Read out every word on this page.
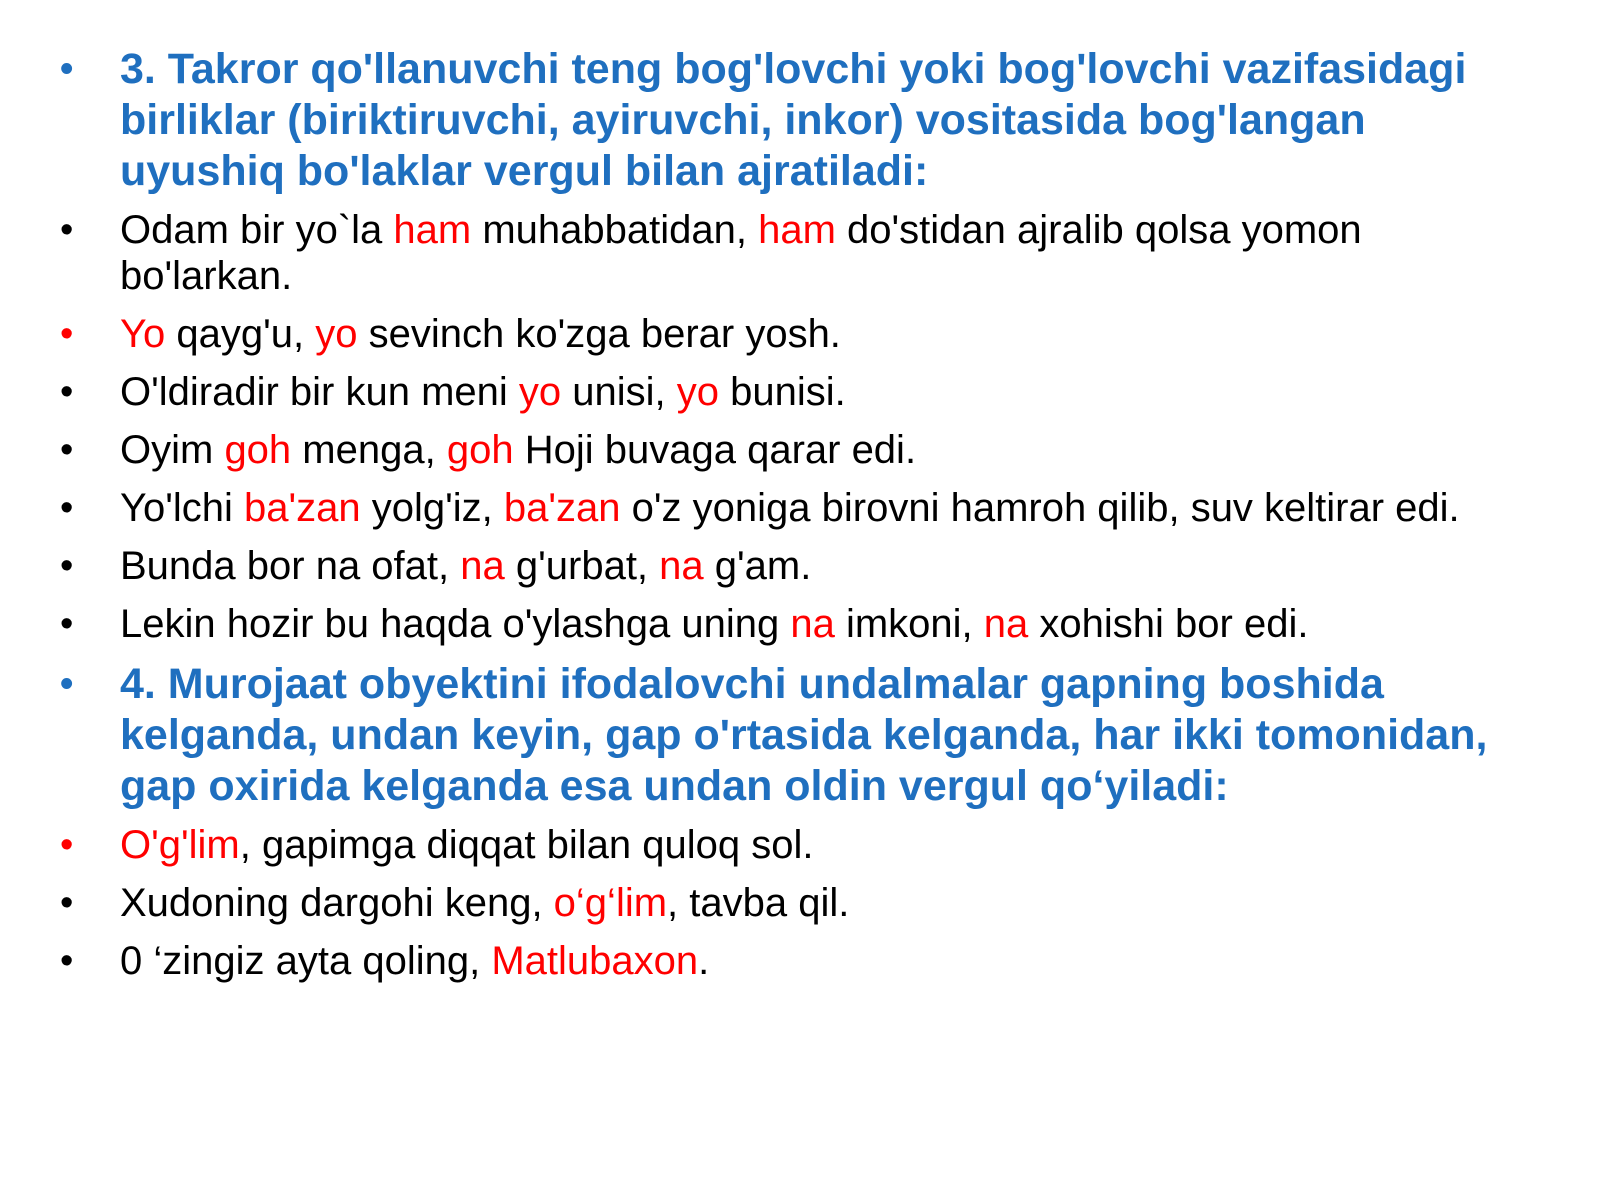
• 3. Takror qo'llanuvchi teng bog'lovchi yoki bog'lovchi vazifasidagi birliklar (biriktiruvchi, ayiruvchi, inkor) vositasida bog'langan uyushiq bo'laklar vergul bilan ajratiladi:
• Odam bir yo`la ham muhabbatidan, ham do'stidan ajralib qolsa yomon bo'larkan.
• Yo qayg'u, yo sevinch ko'zga berar yosh.
• O'ldiradir bir kun meni yo unisi, yo bunisi.
• Oyim goh menga, goh Hoji buvaga qarar edi.
• Yo'lchi ba'zan yolg'iz, ba'zan o'z yoniga birovni hamroh qilib, suv keltirar edi.
• Bunda bor na ofat, na g'urbat, na g'am.
• Lekin hozir bu haqda o'ylashga uning na imkoni, na xohishi bor edi.
• 4. Murojaat obyektini ifodalovchi undalmalar gapning boshida kelganda, undan keyin, gap o'rtasida kelganda, har ikki tomonidan, gap oxirida kelganda esa undan oldin vergul qo‘yiladi:
• O'g'lim, gapimga diqqat bilan quloq sol.
• Xudoning dargohi keng, o‘g‘lim, tavba qil.
• 0 ‘zingiz ayta qoling, Matlubaxon.
